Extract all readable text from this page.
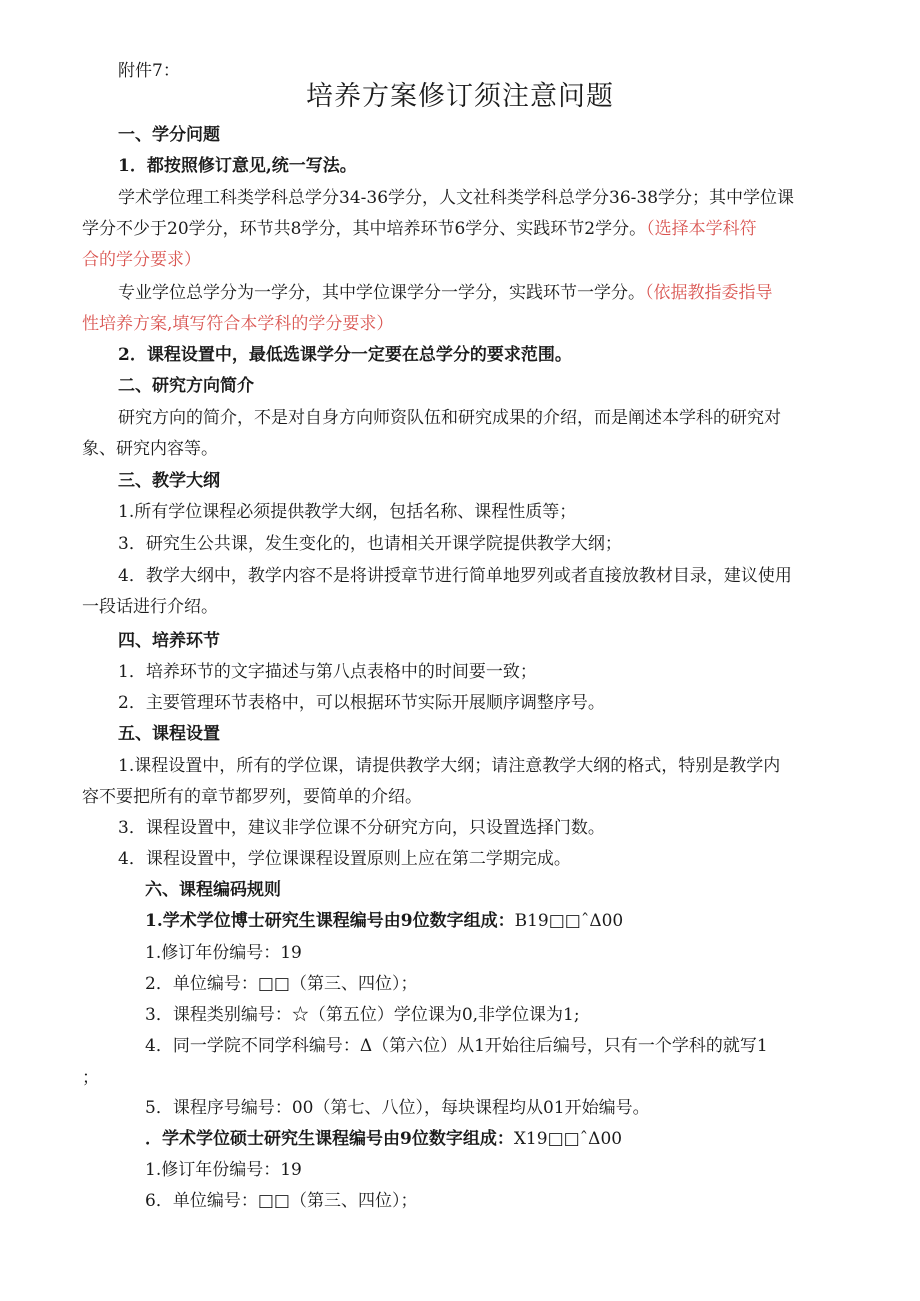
附件7：
培养方案修订须注意问题
一、学分问题
1．都按照修订意见,统一写法。
学术学位理工科类学科总学分34-36学分，人文社科类学科总学分36-38学分；其中学位课
学分不少于20学分，环节共8学分，其中培养环节6学分、实践环节2学分。（选择本学科符
合的学分要求）
专业学位总学分为一学分，其中学位课学分一学分，实践环节一学分。（依据教指委指导
性培养方案,填写符合本学科的学分要求）
2．课程设置中，最低选课学分一定要在总学分的要求范围。
二、研究方向简介
研究方向的简介，不是对自身方向师资队伍和研究成果的介绍，而是阐述本学科的研究对
象、研究内容等。
三、教学大纲
1.所有学位课程必须提供教学大纲，包括名称、课程性质等；
3．研究生公共课，发生变化的，也请相关开课学院提供教学大纲；
4．教学大纲中，教学内容不是将讲授章节进行简单地罗列或者直接放教材目录，建议使用
一段话进行介绍。
四、培养环节
1．培养环节的文字描述与第八点表格中的时间要一致；
2．主要管理环节表格中，可以根据环节实际开展顺序调整序号。
五、课程设置
1.课程设置中，所有的学位课，请提供教学大纲；请注意教学大纲的格式，特别是教学内
容不要把所有的章节都罗列，要简单的介绍。
3．课程设置中，建议非学位课不分研究方向，只设置选择门数。
4．课程设置中，学位课课程设置原则上应在第二学期完成。
六、课程编码规则
1.学术学位博士研究生课程编号由9位数字组成：B19□□ˆΔ00
1.修订年份编号：19
2．单位编号：□□（第三、四位）；
3．课程类别编号：☆（第五位）学位课为0,非学位课为1;
4．同一学院不同学科编号：Δ（第六位）从1开始往后编号，只有一个学科的就写1
；
5．课程序号编号：00（第七、八位），每块课程均从01开始编号。
．学术学位硕士研究生课程编号由9位数字组成：X19□□ˆΔ00
1.修订年份编号：19
6．单位编号：□□（第三、四位）；
